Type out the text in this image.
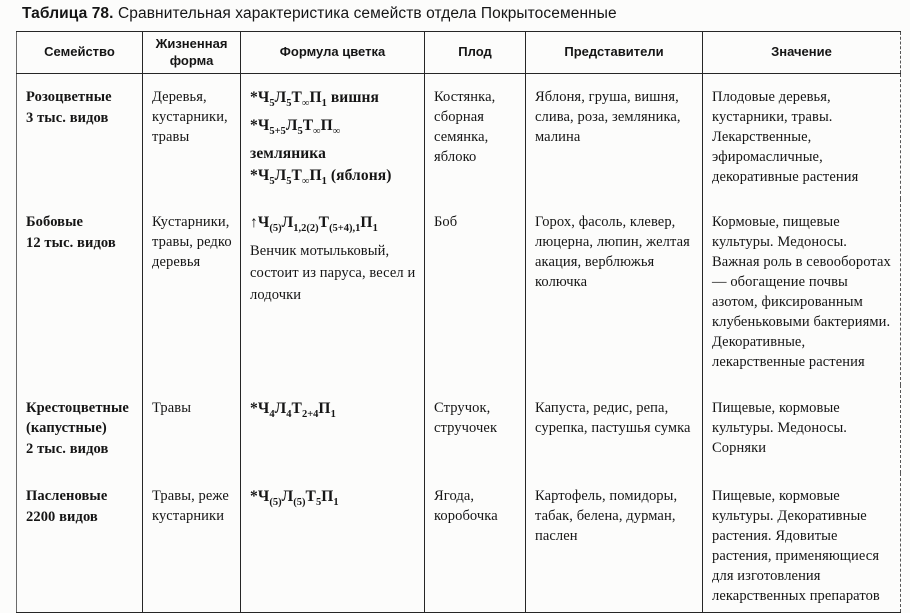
Таблица 78. Сравнительная характеристика семейств отдела Покрытосеменные
Семейство	Жизненная форма	Формула цветка	Плод	Представители	Значение

Розоцветные
3 тыс. видов
	Деревья, кустарники, травы	
$*Ч_5Л_5Т_\infty П_1$ вишня
$*Ч_{5+5}Л_5Т_\infty П_\infty$ земляника
$*Ч_5Л_5Т_\infty П_1$ (яблоня)
	Костянка, сборная семянка, яблоко	Яблоня, груша, вишня, слива, роза, земляника, малина	Плодовые деревья, кустарники, травы. Лекарственные, эфиромасличные, декоративные растения

Бобовые
12 тыс. видов
	Кустарники, травы, редко деревья	
$↑Ч_{(5)}Л_{1,2(2)}Т_{(5+4),1}П_1$
Венчик мотыльковый, состоит из паруса, весел и лодочки
	Боб	Горох, фасоль, клевер, люцерна, люпин, желтая акация, верблюжья колючка	Кормовые, пищевые культуры. Медоносы. Важная роль в севооборотах — обогащение почвы азотом, фиксированным клубеньковыми бактериями. Декоративные, лекарственные растения

Крестоцветные (капустные)
2 тыс. видов	Травы	$*Ч_4Л_4Т_{2+4}П_1$	Стручок, стручочек	Капуста, редис, репа, сурепка, пастушья сумка	Пищевые, кормовые культуры. Медоносы. Сорняки

Пасленовые
2200 видов	Травы, реже кустарники	$*Ч_{(5)}Л_{(5)}Т_5П_1$	Ягода, коробочка	Картофель, помидоры, табак, белена, дурман, паслен	Пищевые, кормовые культуры. Декоративные растения. Ядовитые растения, применяющиеся для изготовления лекарственных препаратов
